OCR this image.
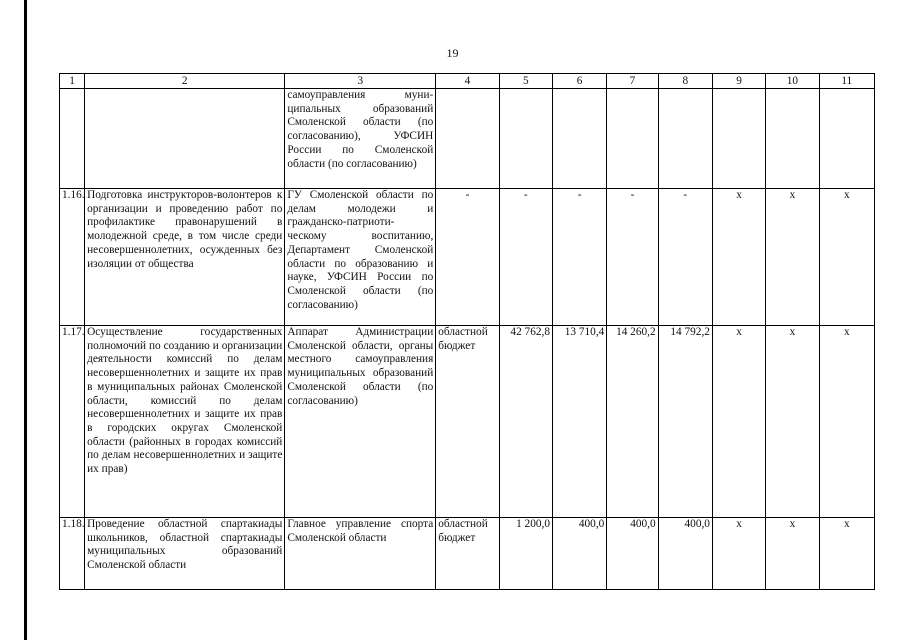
19
1	2	3	4	5	6	7	8	9	10	11
		самоуправления муни-ципальных образований Смоленской области (по согласованию), УФСИН России по Смоленской области (по согласованию)								
1.16.	Подготовка инструкторов-волонтеров к организации и проведению работ по профилактике правонарушений в молодежной среде, в том числе среди несовершеннолетних, осужденных без изоляции от общества	ГУ Смоленской области по делам молодежи и гражданско-патриоти-ческому воспитанию, Департамент Смоленской области по образованию и науке, УФСИН России по Смоленской области (по согласованию)	-	-	-	-	-	х	х	х
1.17.	Осуществление государственных полномочий по созданию и организации деятельности комиссий по делам несовершеннолетних и защите их прав в муниципальных районах Смоленской области, комиссий по делам несовершеннолетних и защите их прав в городских округах Смоленской области (районных в городах комиссий по делам несовершеннолетних и защите их прав)	Аппарат Администрации Смоленской области, органы местного самоуправления муниципальных образований Смоленской области (по согласованию)	областной бюджет	42 762,8	13 710,4	14 260,2	14 792,2	х	х	х
1.18.	Проведение областной спартакиады школьников, областной спартакиады муниципальных образований Смоленской области	Главное управление спорта Смоленской области	областной бюджет	1 200,0	400,0	400,0	400,0	х	х	х
